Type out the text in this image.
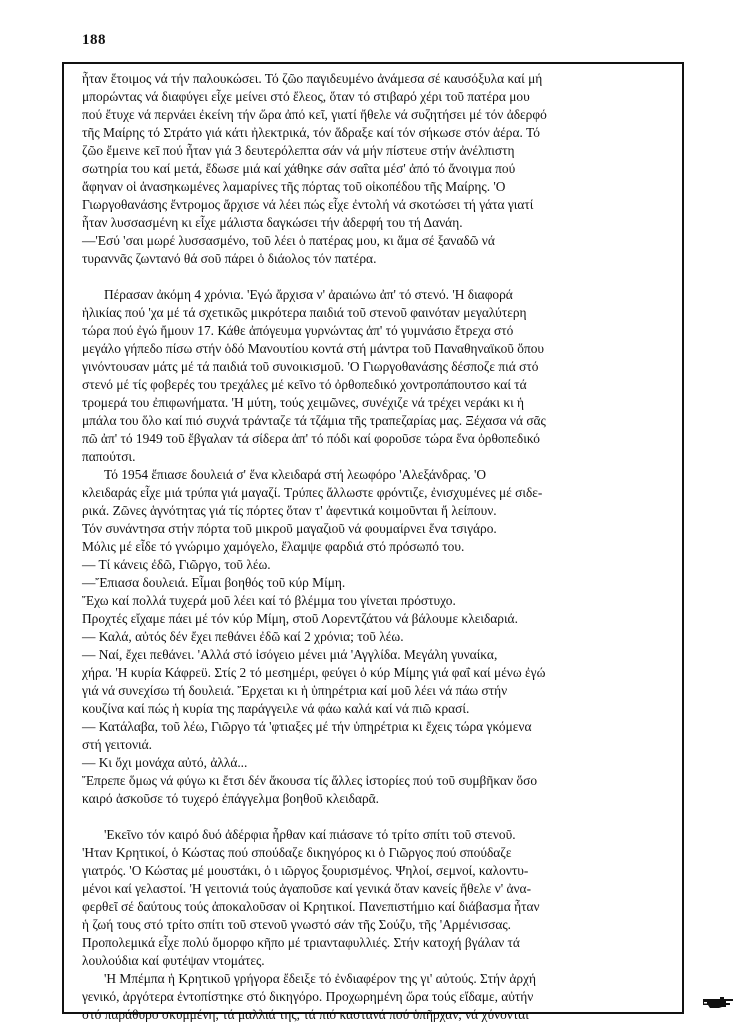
188
ἦταν ἕτοιμος νά τήν παλουκώσει. Τό ζῶο παγιδευμένο ἀνάμεσα σέ καυσόξυλα καί μή
μπορώντας νά διαφύγει εἶχε μείνει στό ἔλεος, ὅταν τό στιβαρό χέρι τοῦ πατέρα μου
πού ἔτυχε νά περνάει ἐκείνη τήν ὥρα ἀπό κεῖ, γιατί ἤθελε νά συζητήσει μέ τόν ἀδερφό
τῆς Μαίρης τό Στράτο γιά κάτι ἠλεκτρικά, τόν ἅδραξε καί τόν σήκωσε στόν ἀέρα. Τό
ζῶο ἔμεινε κεῖ πού ἦταν γιά 3 δευτερόλεπτα σάν νά μήν πίστευε στήν ἀνέλπιστη
σωτηρία του καί μετά, ἔδωσε μιά καί χάθηκε σάν σαΐτα μέσ' ἀπό τό ἄνοιγμα πού
ἄφηναν οἱ ἀνασηκωμένες λαμαρίνες τῆς πόρτας τοῦ οἰκοπέδου τῆς Μαίρης. 'Ο
Γιωργοθανάσης ἔντρομος ἄρχισε νά λέει πώς εἶχε ἐντολή νά σκοτώσει τή γάτα γιατί
ἦταν λυσσασμένη κι εἶχε μάλιστα δαγκώσει τήν ἀδερφή του τή Δανάη.
—'Εσύ 'σαι μωρέ λυσσασμένο, τοῦ λέει ὁ πατέρας μου, κι ἅμα σέ ξαναδῶ νά
τυραννᾶς ζωντανό θά σοῦ πάρει ὁ διάολος τόν πατέρα.
Πέρασαν ἀκόμη 4 χρόνια. 'Εγώ ἄρχισα ν' ἀραιώνω ἀπ' τό στενό. 'Η διαφορά
ἡλικίας πού 'χα μέ τά σχετικῶς μικρότερα παιδιά τοῦ στενοῦ φαινόταν μεγαλύτερη
τώρα πού ἐγώ ἤμουν 17. Κάθε ἀπόγευμα γυρνώντας ἀπ' τό γυμνάσιο ἔτρεχα στό
μεγάλο γήπεδο πίσω στήν ὁδό Μανουτίου κοντά στή μάντρα τοῦ Παναθηναϊκοῦ ὅπου
γινόντουσαν μάτς μέ τά παιδιά τοῦ συνοικισμοῦ. 'Ο Γιωργοθανάσης δέσποζε πιά στό
στενό μέ τίς φοβερές του τρεχάλες μέ κεῖνο τό ὀρθοπεδικό χοντροπάπουτσο καί τά
τρομερά του ἐπιφωνήματα. 'Η μύτη, τούς χειμῶνες, συνέχιζε νά τρέχει νεράκι κι ἡ
μπάλα του ὅλο καί πιό συχνά τράνταζε τά τζάμια τῆς τραπεζαρίας μας. Ξέχασα νά σᾶς
πῶ ἀπ' τό 1949 τοῦ ἔβγαλαν τά σίδερα ἀπ' τό πόδι καί φοροῦσε τώρα ἕνα ὀρθοπεδικό
παπούτσι.
Τό 1954 ἔπιασε δουλειά σ' ἕνα κλειδαρά στή λεωφόρο 'Αλεξάνδρας. 'Ο
κλειδαράς εἶχε μιά τρύπα γιά μαγαζί. Τρύπες ἄλλωστε φρόντιζε, ἐνισχυμένες μέ σιδε-
ρικά. Ζῶνες ἁγνότητας γιά τίς πόρτες ὅταν τ' ἀφεντικά κοιμοῦνται ἤ λείπουν.
Τόν συνάντησα στήν πόρτα τοῦ μικροῦ μαγαζιοῦ νά φουμαίρνει ἕνα τσιγάρο.
Μόλις μέ εἶδε τό γνώριμο χαμόγελο, ἔλαμψε φαρδιά στό πρόσωπό του.
— Τί κάνεις ἐδῶ, Γιῶργο, τοῦ λέω.
—Ἔπιασα δουλειά. Εἶμαι βοηθός τοῦ κύρ Μίμη.
Ἔχω καί πολλά τυχερά μοῦ λέει καί τό βλέμμα του γίνεται πρόστυχο.
Προχτές εἴχαμε πάει μέ τόν κύρ Μίμη, στοῦ Λορεντζάτου νά βάλουμε κλειδαριά.
— Καλά, αὐτός δέν ἔχει πεθάνει ἐδῶ καί 2 χρόνια; τοῦ λέω.
— Ναί, ἔχει πεθάνει. 'Αλλά στό ἰσόγειο μένει μιά 'Αγγλίδα. Μεγάλη γυναίκα,
χήρα. 'Η κυρία Κάφρεϋ. Στίς 2 τό μεσημέρι, φεύγει ὁ κύρ Μίμης γιά φαΐ καί μένω ἐγώ
γιά νά συνεχίσω τή δουλειά. Ἔρχεται κι ἡ ὑπηρέτρια καί μοῦ λέει νά πάω στήν
κουζίνα καί πώς ἡ κυρία της παράγγειλε νά φάω καλά καί νά πιῶ κρασί.
— Κατάλαβα, τοῦ λέω, Γιῶργο τά 'φτιαξες μέ τήν ὑπηρέτρια κι ἔχεις τώρα γκόμενα
στή γειτονιά.
— Κι ὄχι μονάχα αὐτό, ἀλλά...
Ἔπρεπε ὅμως νά φύγω κι ἔτσι δέν ἄκουσα τίς ἄλλες ἱστορίες πού τοῦ συμβῆκαν ὅσο
καιρό ἀσκοῦσε τό τυχερό ἐπάγγελμα βοηθοῦ κλειδαρᾶ.
'Εκεῖνο τόν καιρό δυό ἀδέρφια ἦρθαν καί πιάσανε τό τρίτο σπίτι τοῦ στενοῦ.
'Ηταν Κρητικοί, ὁ Κώστας πού σπούδαζε δικηγόρος κι ὁ Γιῶργος πού σπούδαζε
γιατρός. 'Ο Κώστας μέ μουστάκι, ὁ ι ιῶργος ξουρισμένος. Ψηλοί, σεμνοί, καλοντυ-
μένοι καί γελαστοί. 'Η γειτονιά τούς ἀγαποῦσε καί γενικά ὅταν κανείς ἤθελε ν' ἀνα-
φερθεῖ σέ δαύτους τούς ἀποκαλοῦσαν οἱ Κρητικοί. Πανεπιστήμιο καί διάβασμα ἦταν
ἡ ζωή τους στό τρίτο σπίτι τοῦ στενοῦ γνωστό σάν τῆς Σούζυ, τῆς 'Αρμένισσας.
Προπολεμικά εἶχε πολύ ὄμορφο κῆπο μέ τριανταφυλλιές. Στήν κατοχή βγάλαν τά
λουλούδια καί φυτέψαν ντομάτες.
'Η Μπέμπα ἡ Κρητικοῦ γρήγορα ἔδειξε τό ἐνδιαφέρον της γι' αὐτούς. Στήν ἀρχή
γενικό, ἀργότερα ἐντοπίστηκε στό δικηγόρο. Προχωρημένη ὥρα τούς εἴδαμε, αὐτήν
στό παράθυρο σκυμμένη, τά μαλλιά της, τά πιό καστανά πού ὑπῆρχαν, νά χύνονται
